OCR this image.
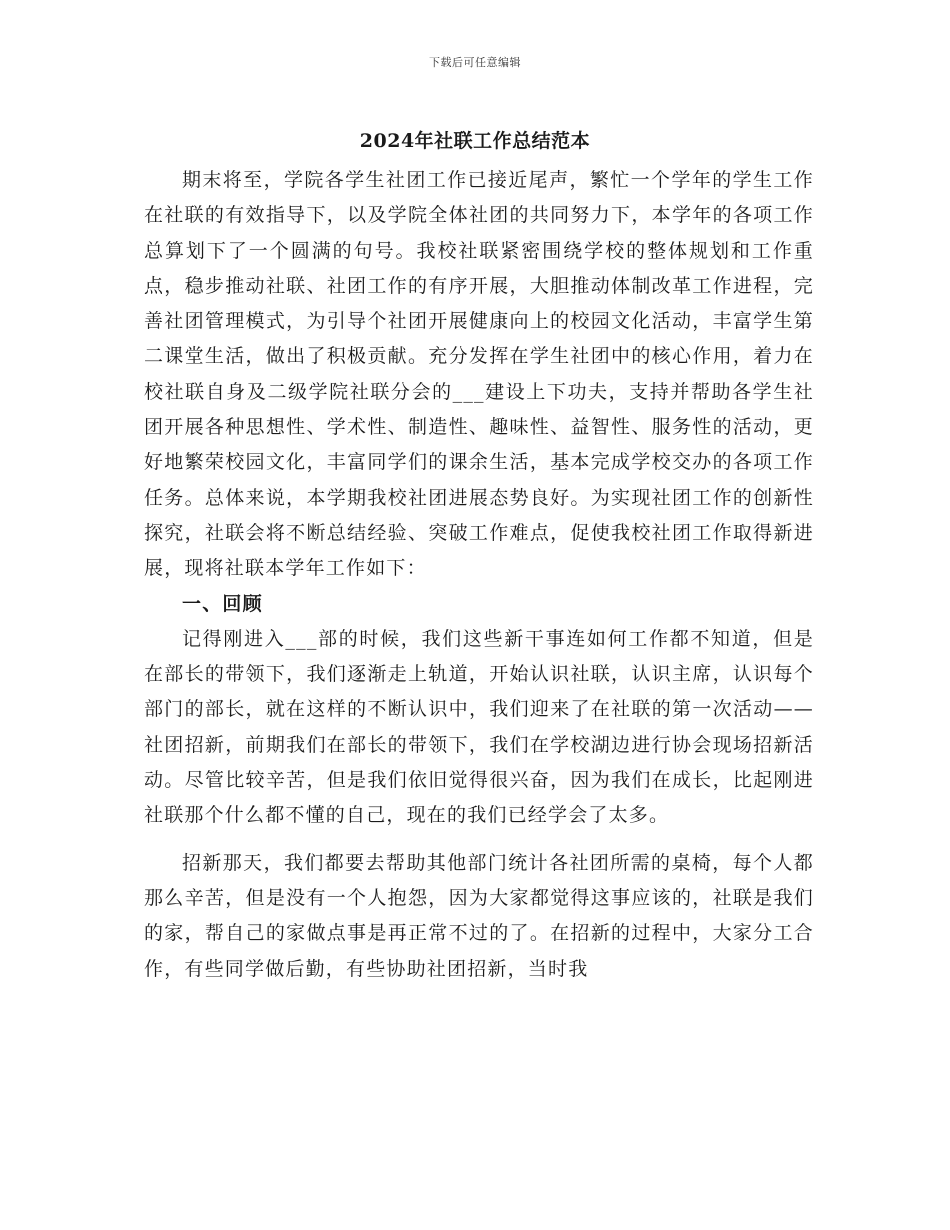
下载后可任意编辑
2024年社联工作总结范本

期末将至，学院各学生社团工作已接近尾声，繁忙一个学年的学生工作在社联的有效指导下，以及学院全体社团的共同努力下，本学年的各项工作总算划下了一个圆满的句号。我校社联紧密围绕学校的整体规划和工作重点，稳步推动社联、社团工作的有序开展，大胆推动体制改革工作进程，完善社团管理模式，为引导个社团开展健康向上的校园文化活动，丰富学生第二课堂生活，做出了积极贡献。充分发挥在学生社团中的核心作用，着力在校社联自身及二级学院社联分会的___建设上下功夫，支持并帮助各学生社团开展各种思想性、学术性、制造性、趣味性、益智性、服务性的活动，更好地繁荣校园文化，丰富同学们的课余生活，基本完成学校交办的各项工作任务。总体来说，本学期我校社团进展态势良好。为实现社团工作的创新性探究，社联会将不断总结经验、突破工作难点，促使我校社团工作取得新进展，现将社联本学年工作如下：

一、回顾

记得刚进入___部的时候，我们这些新干事连如何工作都不知道，但是在部长的带领下，我们逐渐走上轨道，开始认识社联，认识主席，认识每个部门的部长，就在这样的不断认识中，我们迎来了在社联的第一次活动——社团招新，前期我们在部长的带领下，我们在学校湖边进行协会现场招新活动。尽管比较辛苦，但是我们依旧觉得很兴奋，因为我们在成长，比起刚进社联那个什么都不懂的自己，现在的我们已经学会了太多。

招新那天，我们都要去帮助其他部门统计各社团所需的桌椅，每个人都那么辛苦，但是没有一个人抱怨，因为大家都觉得这事应该的，社联是我们的家，帮自己的家做点事是再正常不过的了。在招新的过程中，大家分工合作，有些同学做后勤，有些协助社团招新，当时我
